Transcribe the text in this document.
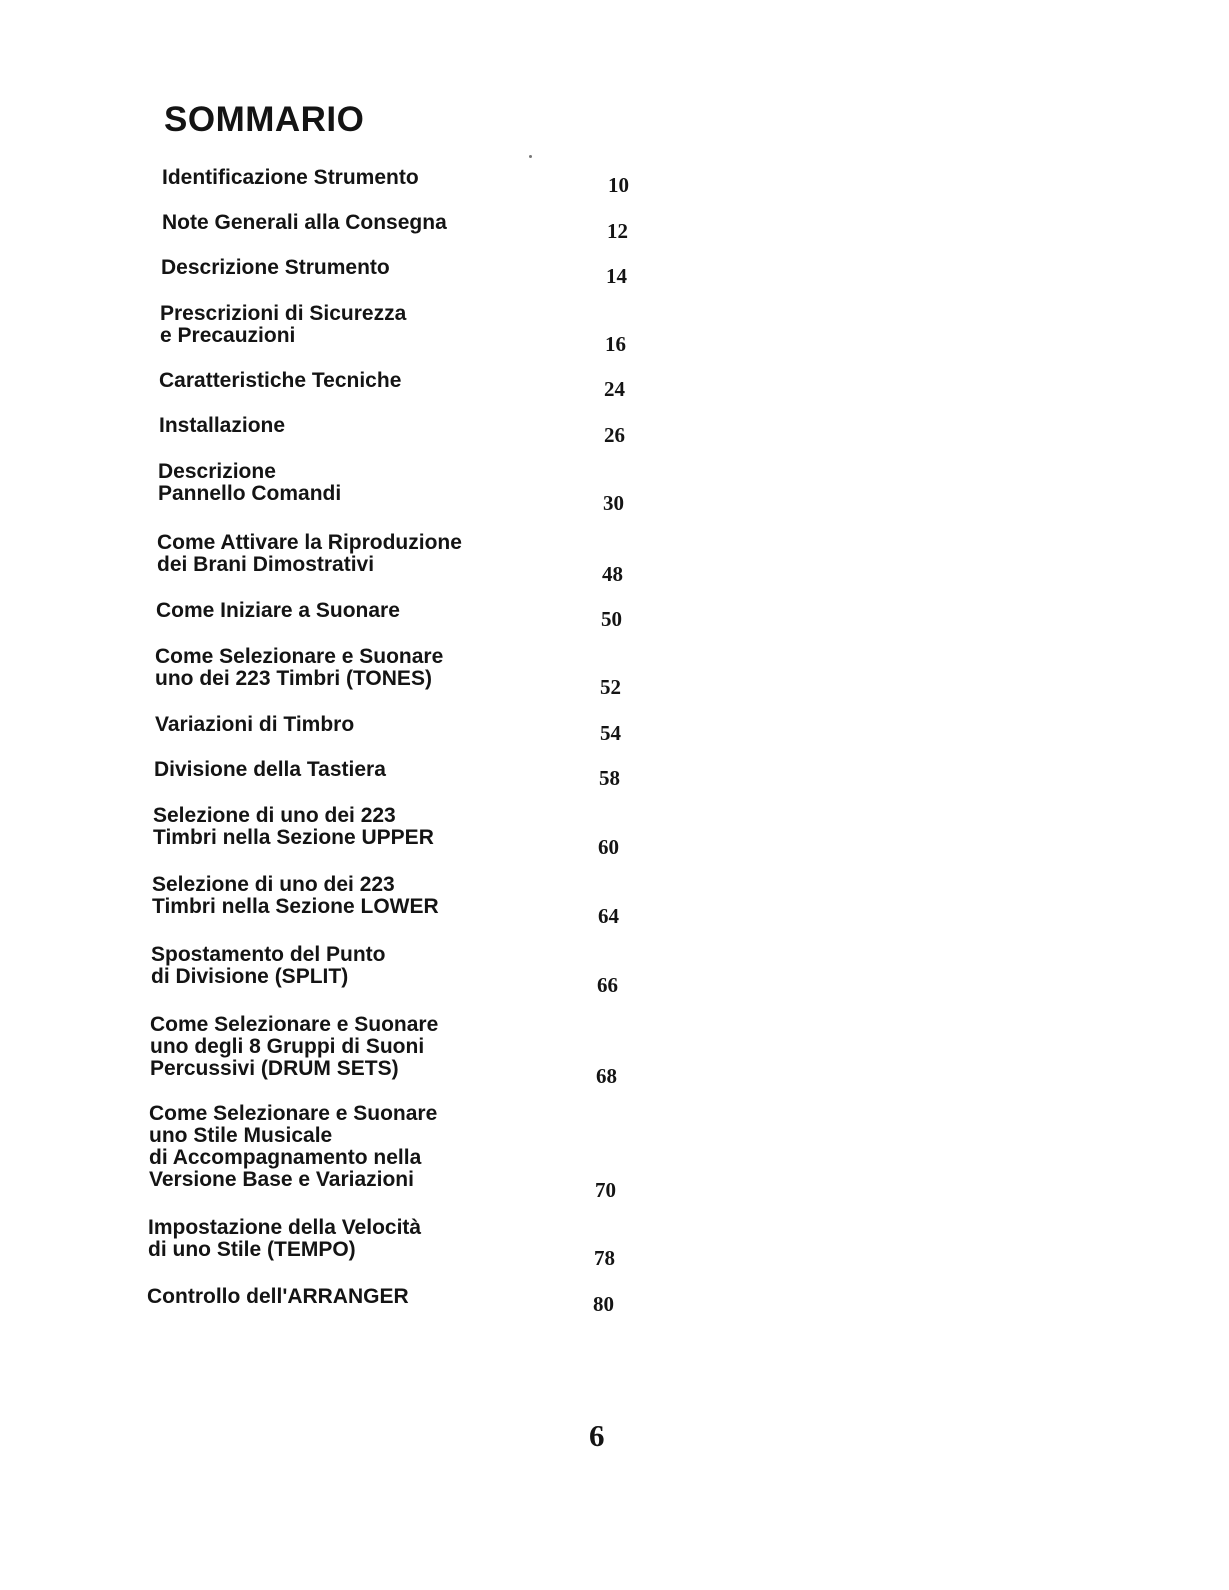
SOMMARIO
Identificazione Strumento	10
Note Generali alla Consegna	12
Descrizione Strumento	14
Prescrizioni di Sicurezza
e Precauzioni	16
Caratteristiche Tecniche	24
Installazione	26
Descrizione
Pannello Comandi	30
Come Attivare la Riproduzione
dei Brani Dimostrativi	48
Come Iniziare a Suonare	50
Come Selezionare e Suonare
uno dei 223 Timbri (TONES)	52
Variazioni di Timbro	54
Divisione della Tastiera	58
Selezione di uno dei 223
Timbri nella Sezione UPPER	60
Selezione di uno dei 223
Timbri nella Sezione LOWER	64
Spostamento del Punto
di Divisione (SPLIT)	66
Come Selezionare e Suonare
uno degli 8 Gruppi di Suoni
Percussivi (DRUM SETS)	68
Come Selezionare e Suonare
uno Stile Musicale
di Accompagnamento nella
Versione Base e Variazioni	70
Impostazione della Velocità
di uno Stile (TEMPO)	78
Controllo dell'ARRANGER	80
6
